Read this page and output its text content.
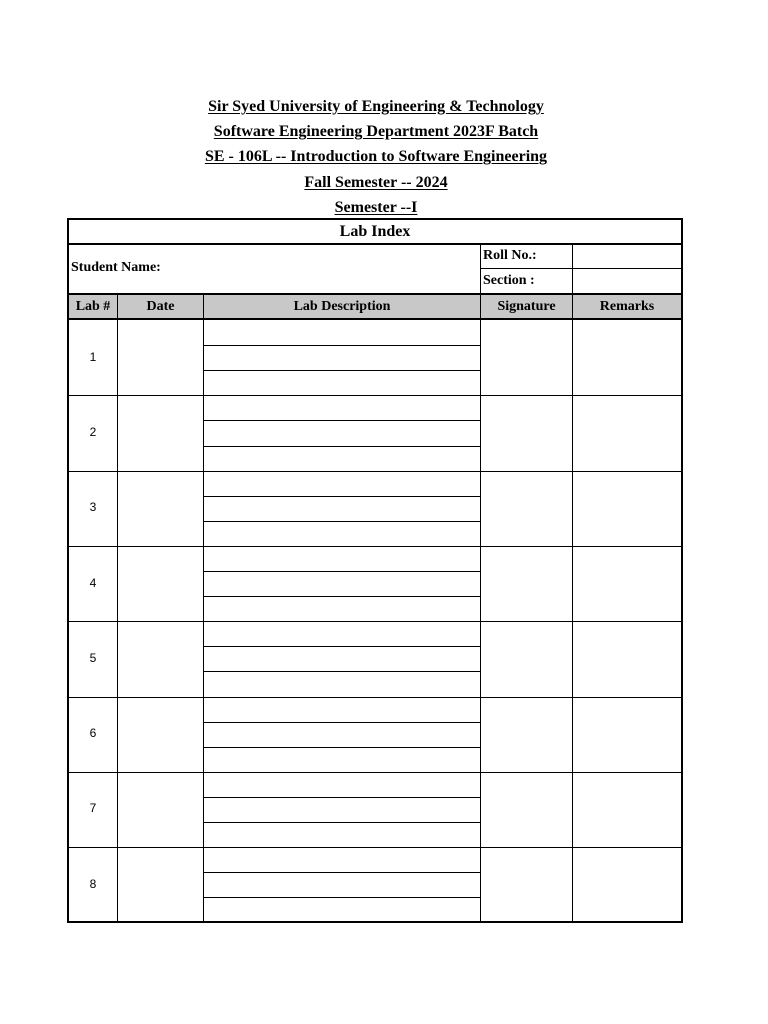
Sir Syed University of Engineering & Technology
Software Engineering Department 2023F Batch
SE - 106L -- Introduction to Software Engineering
Fall Semester -- 2024
Semester --I
Lab Index
Student Name:
Roll No.:
Section :
Lab #	Date	Lab Description	Signature	Remarks
1
2
3
4
5
6
7
8
